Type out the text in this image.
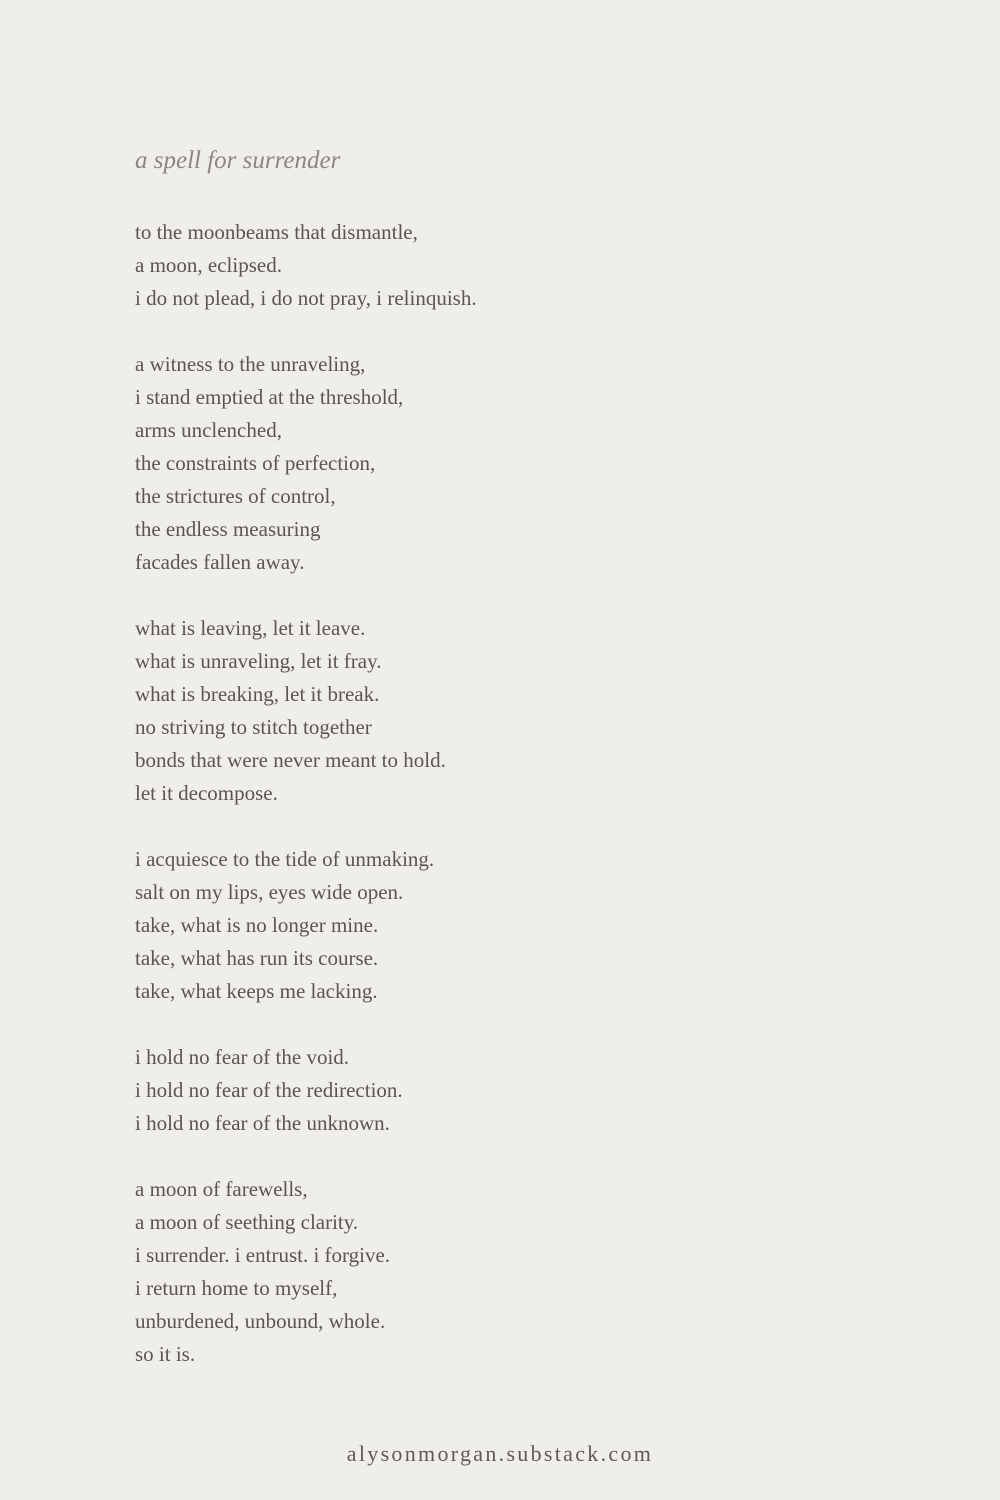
a spell for surrender
to the moonbeams that dismantle,
a moon, eclipsed.
i do not plead, i do not pray, i relinquish.
a witness to the unraveling,
i stand emptied at the threshold,
arms unclenched,
the constraints of perfection,
the strictures of control,
the endless measuring
facades fallen away.
what is leaving, let it leave.
what is unraveling, let it fray.
what is breaking, let it break.
no striving to stitch together
bonds that were never meant to hold.
let it decompose.
i acquiesce to the tide of unmaking.
salt on my lips, eyes wide open.
take, what is no longer mine.
take, what has run its course.
take, what keeps me lacking.
i hold no fear of the void.
i hold no fear of the redirection.
i hold no fear of the unknown.
a moon of farewells,
a moon of seething clarity.
i surrender. i entrust. i forgive.
i return home to myself,
unburdened, unbound, whole.
so it is.
alysonmorgan.substack.com
